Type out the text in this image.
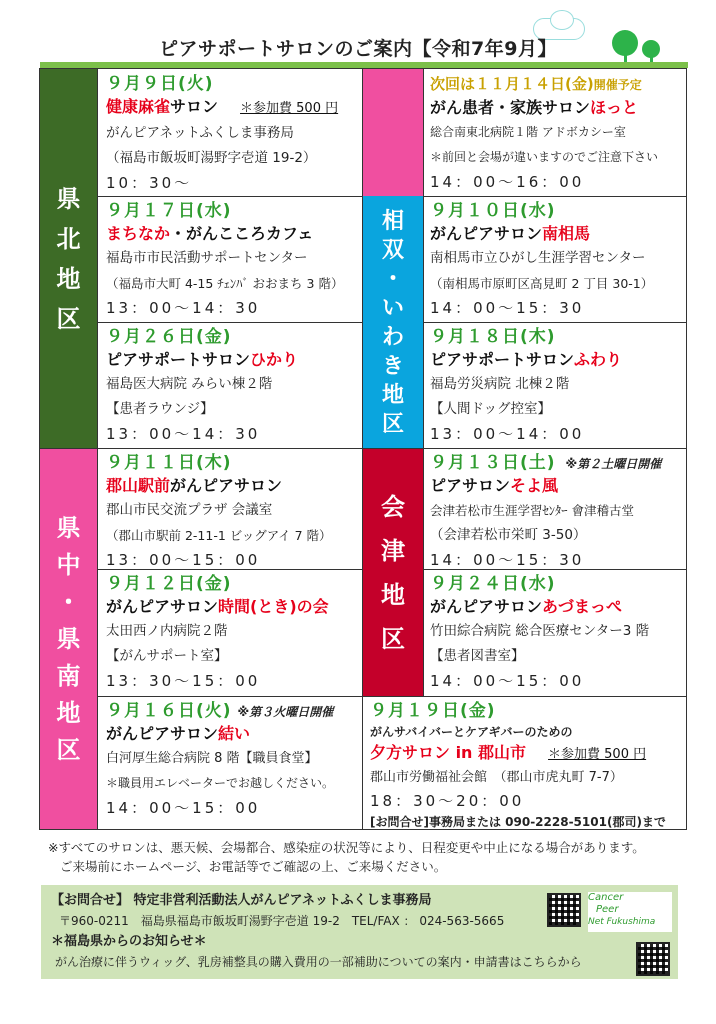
ピアサポートサロンのご案内【令和7年9月】
県
北
地
区
県
中
・
県
南
地
区
相
双
・
い
わ
き
地
区
会
津
地
区
９月９日(火)
健康麻雀サロン ＊参加費 500 円
がんピアネットふくしま事務局
（福島市飯坂町湯野字壱道 19-2）
10：30～
次回は１１月１４日(金)開催予定
がん患者・家族サロンほっと
総合南東北病院１階 アドボカシー室
＊前回と会場が違いますのでご注意下さい
14：00～16：00
９月１７日(水)
まちなか・がんこころカフェ
福島市市民活動サポートセンター
（福島市大町 4-15 ﾁｪﾝﾊﾞ おおまち 3 階）
13：00～14：30
９月１０日(水)
がんピアサロン南相馬
南相馬市立ひがし生涯学習センター
（南相馬市原町区高見町 2 丁目 30-1）
14：00～15：30
９月２６日(金)
ピアサポートサロンひかり
福島医大病院 みらい棟２階
【患者ラウンジ】
13：00～14：30
９月１８日(木)
ピアサポートサロンふわり
福島労災病院 北棟２階
【人間ドッグ控室】
13：00～14：00
９月１１日(木)
郡山駅前がんピアサロン
郡山市民交流プラザ 会議室
（郡山市駅前 2-11-1 ビッグアイ 7 階）
13：00～15：00
９月１３日(土) ※第２土曜日開催
ピアサロンそよ風
会津若松市生涯学習ｾﾝﾀｰ 會津稽古堂
（会津若松市栄町 3-50）
14：00～15：30
９月１２日(金)
がんピアサロン時間(とき)の会
太田西ノ内病院２階
【がんサポート室】
13：30～15：00
９月２４日(水)
がんピアサロンあづまっぺ
竹田綜合病院 総合医療センター3 階
【患者図書室】
14：00～15：00
９月１６日(火) ※第３火曜日開催
がんピアサロン結い
白河厚生総合病院 8 階【職員食堂】
＊職員用エレベーターでお越しください。
14：00～15：00
９月１９日(金)
がんサバイバーとケアギバーのための
夕方サロン in 郡山市 ＊参加費 500 円
郡山市労働福祉会館　（郡山市虎丸町 7-7）
18：30～20：00
[お問合せ]事務局または 090-2228-5101(郡司)まで
※すべてのサロンは、悪天候、会場都合、感染症の状況等により、日程変更や中止になる場合があります。
ご来場前にホームページ、お電話等でご確認の上、ご来場ください。
【お問合せ】 特定非営利活動法人がんピアネットふくしま事務局
〒960-0211　福島県福島市飯坂町湯野字壱道 19-2　TEL/FAX ： 024-563-5665
＊福島県からのお知らせ＊
がん治療に伴うウィッグ、乳房補整具の購入費用の一部補助についての案内・申請書はこちらから
Cancer
Peer
Net Fukushima
